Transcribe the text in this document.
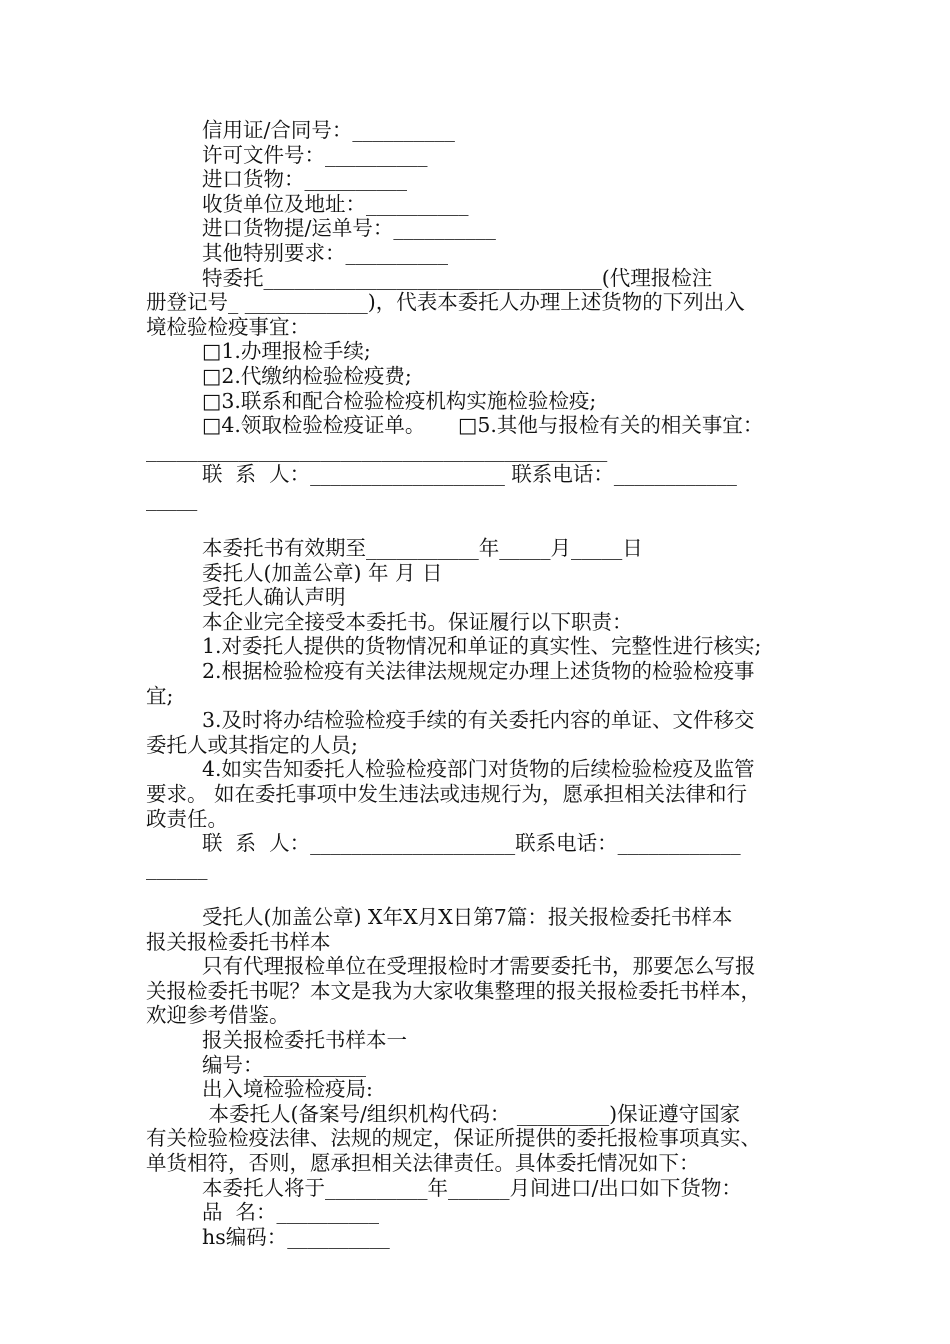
信用证/合同号：__________
许可文件号：__________
进口货物：__________
收货单位及地址：__________
进口货物提/运单号：__________
其他特别要求：__________
特委托_________________________________(代理报检注
册登记号_ ____________)，代表本委托人办理上述货物的下列出入
境检验检疫事宜：
□1.办理报检手续;
□2.代缴纳检验检疫费;
□3.联系和配合检验检疫机构实施检验检疫;
□4.领取检验检疫证单。     □5.其他与报检有关的相关事宜：
_____________________________________________
联  系  人：___________________ 联系电话：____________
_____
本委托书有效期至___________年_____月_____日
委托人(加盖公章) 年 月 日
受托人确认声明
本企业完全接受本委托书。保证履行以下职责：
1.对委托人提供的货物情况和单证的真实性、完整性进行核实;
2.根据检验检疫有关法律法规规定办理上述货物的检验检疫事
宜;
3.及时将办结检验检疫手续的有关委托内容的单证、文件移交
委托人或其指定的人员;
4.如实告知委托人检验检疫部门对货物的后续检验检疫及监管
要求。 如在委托事项中发生违法或违规行为，愿承担相关法律和行
政责任。
联  系  人：____________________联系电话：____________
______
受托人(加盖公章) X年X月X日第7篇：报关报检委托书样本
报关报检委托书样本
只有代理报检单位在受理报检时才需要委托书，那要怎么写报
关报检委托书呢？本文是我为大家收集整理的报关报检委托书样本，
欢迎参考借鉴。
报关报检委托书样本一
编号：__________
出入境检验检疫局:
本委托人(备案号/组织机构代码： _________)保证遵守国家
有关检验检疫法律、法规的规定，保证所提供的委托报检事项真实、
单货相符，否则，愿承担相关法律责任。具体委托情况如下：
本委托人将于__________年______月间进口/出口如下货物：
品  名：__________
hs编码：__________
